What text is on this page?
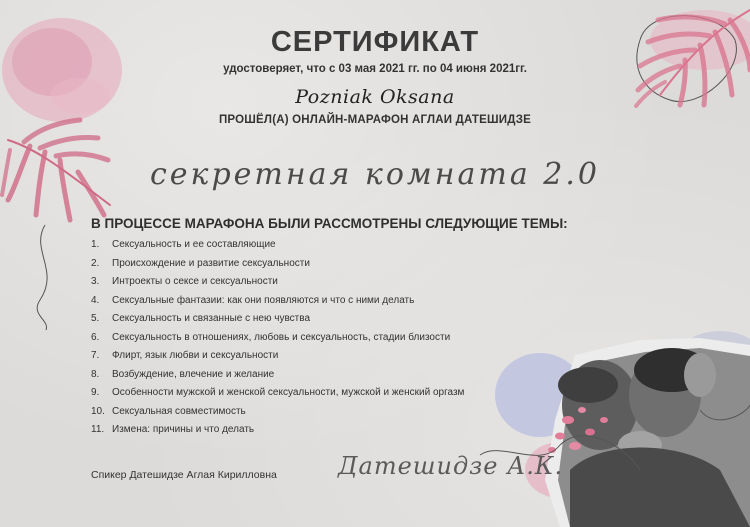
СЕРТИФИКАТ
удостоверяет, что с 03 мая 2021 гг. по 04 июня 2021гг.
Pozniak Oksana
ПРОШЁЛ(А) ОНЛАЙН-МАРАФОН АГЛАИ ДАТЕШИДЗЕ
секретная комната 2.0
В ПРОЦЕССЕ МАРАФОНА БЫЛИ РАССМОТРЕНЫ СЛЕДУЮЩИЕ ТЕМЫ:
1.	Сексуальность и ее составляющие
2.	Происхождение и развитие сексуальности
3.	Интроекты о сексе и сексуальности
4.	Сексуальные фантазии: как они появляются и что с ними делать
5.	Сексуальность и связанные с нею чувства
6.	Сексуальность в отношениях, любовь и сексуальность, стадии близости
7.	Флирт, язык любви и сексуальности
8.	Возбуждение, влечение и желание
9.	Особенности мужской и женской сексуальности, мужской и женский оргазм
10. Сексуальная совместимость
11. Измена: причины и что делать
Спикер Датешидзе Аглая Кирилловна	Датешидзе А.К.
